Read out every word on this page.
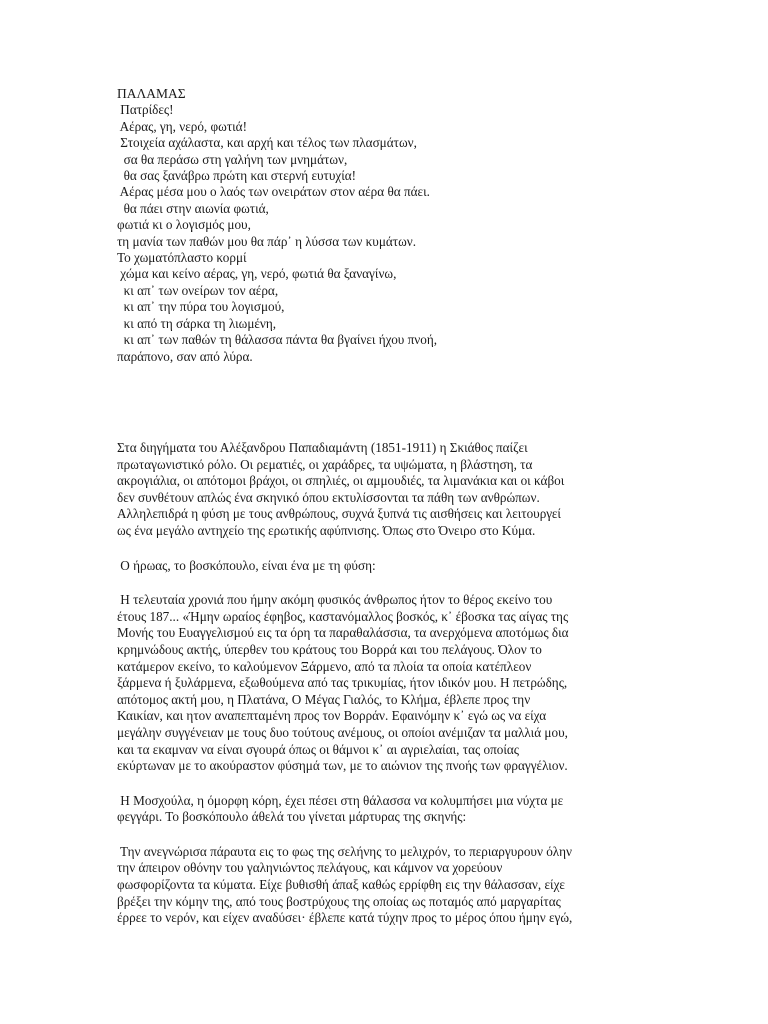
ΠΑΛΑΜΑΣ
Πατρίδες!
Αέρας, γη, νερό, φωτιά!
Στοιχεία αχάλαστα, και αρχή και τέλος των πλασμάτων,
σα θα περάσω στη γαλήνη των μνημάτων,
θα σας ξανάβρω πρώτη και στερνή ευτυχία!
Αέρας μέσα μου ο λαός των ονειράτων στον αέρα θα πάει.
θα πάει στην αιωνία φωτιά,
φωτιά κι ο λογισμός μου,
τη μανία των παθών μου θα πάρ᾽ η λύσσα των κυμάτων.
Το χωματόπλαστο κορμί
χώμα και κείνο αέρας, γη, νερό, φωτιά θα ξαναγίνω,
κι απ᾽ των ονείρων τον αέρα,
κι απ᾽ την πύρα του λογισμού,
κι από τη σάρκα τη λιωμένη,
κι απ᾽ των παθών τη θάλασσα πάντα θα βγαίνει ήχου πνοή,
παράπονο, σαν από λύρα.
Στα διηγήματα του Αλέξανδρου Παπαδιαμάντη (1851-1911) η Σκιάθος παίζει
πρωταγωνιστικό ρόλο. Οι ρεματιές, οι χαράδρες, τα υψώματα, η βλάστηση, τα
ακρογιάλια, οι απότομοι βράχοι, οι σπηλιές, οι αμμουδιές, τα λιμανάκια και οι κάβοι
δεν συνθέτουν απλώς ένα σκηνικό όπου εκτυλίσσονται τα πάθη των ανθρώπων.
Αλληλεπιδρά η φύση με τους ανθρώπους, συχνά ξυπνά τις αισθήσεις και λειτουργεί
ως ένα μεγάλο αντηχείο της ερωτικής αφύπνισης. Όπως στο Όνειρο στο Κύμα.
Ο ήρωας, το βοσκόπουλο, είναι ένα με τη φύση:
Η τελευταία χρονιά που ήμην ακόμη φυσικός άνθρωπος ήτον το θέρος εκείνο του
έτους 187... «Ήμην ωραίος έφηβος, καστανόμαλλος βοσκός, κ᾽ έβοσκα τας αίγας της
Μονής του Ευαγγελισμού εις τα όρη τα παραθαλάσσια, τα ανερχόμενα αποτόμως δια
κρημνώδους ακτής, ύπερθεν του κράτους του Βορρά και του πελάγους. Όλον το
κατάμερον εκείνο, το καλούμενον Ξάρμενο, από τα πλοία τα οποία κατέπλεον
ξάρμενα ή ξυλάρμενα, εξωθούμενα από τας τρικυμίας, ήτον ιδικόν μου. Η πετρώδης,
απότομος ακτή μου, η Πλατάνα, Ο Μέγας Γιαλός, το Κλήμα, έβλεπε προς την
Καικίαν, και ητον αναπεπταμένη προς τον Βορράν. Εφαινόμην κ᾽ εγώ ως να είχα
μεγάλην συγγένειαν με τους δυο τούτους ανέμους, οι οποίοι ανέμιζαν τα μαλλιά μου,
και τα εκαμναν να είναι σγουρά όπως οι θάμνοι κ᾽ αι αγριελαίαι, τας οποίας
εκύρτωναν με το ακούραστον φύσημά των, με το αιώνιον της πνοής των φραγγέλιον.
Η Μοσχούλα, η όμορφη κόρη, έχει πέσει στη θάλασσα να κολυμπήσει μια νύχτα με
φεγγάρι. Το βοσκόπουλο άθελά του γίνεται μάρτυρας της σκηνής:
Την ανεγνώρισα πάραυτα εις το φως της σελήνης το μελιχρόν, το περιαργυρουν όλην
την άπειρον οθόνην του γαληνιώντος πελάγους, και κάμνον να χορεύουν
φωσφορίζοντα τα κύματα. Είχε βυθισθή άπαξ καθώς ερρίφθη εις την θάλασσαν, είχε
βρέξει την κόμην της, από τους βοστρύχους της οποίας ως ποταμός από μαργαρίτας
έρρεε το νερόν, και είχεν αναδύσει· έβλεπε κατά τύχην προς το μέρος όπου ήμην εγώ,
